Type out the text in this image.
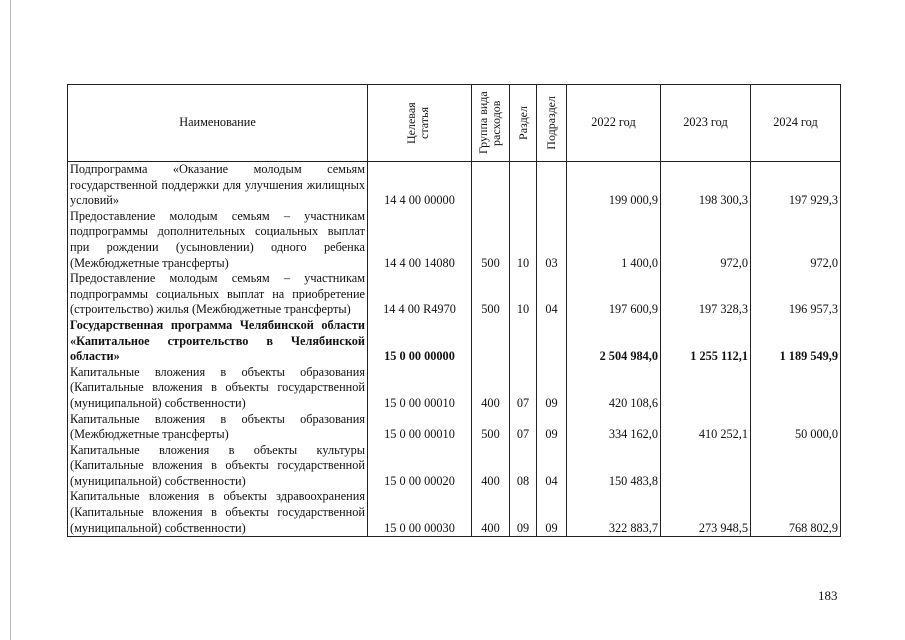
Наименование	Целевая статья	Группа вида расходов	Раздел	Подраздел	2022 год	2023 год	2024 год
Подпрограмма «Оказание молодым семьям государственной поддержки для улучшения жилищных условий»	14 4 00 00000				199 000,9	198 300,3	197 929,3
Предоставление молодым семьям – участникам подпрограммы дополнительных социальных выплат при рождении (усыновлении) одного ребенка (Межбюджетные трансферты)	14 4 00 14080	500	10	03	1 400,0	972,0	972,0
Предоставление молодым семьям – участникам подпрограммы социальных выплат на приобретение (строительство) жилья (Межбюджетные трансферты)	14 4 00 R4970	500	10	04	197 600,9	197 328,3	196 957,3
Государственная программа Челябинской области «Капитальное строительство в Челябинской области»	15 0 00 00000				2 504 984,0	1 255 112,1	1 189 549,9
Капитальные вложения в объекты образования (Капитальные вложения в объекты государственной (муниципальной) собственности)	15 0 00 00010	400	07	09	420 108,6		
Капитальные вложения в объекты образования (Межбюджетные трансферты)	15 0 00 00010	500	07	09	334 162,0	410 252,1	50 000,0
Капитальные вложения в объекты культуры (Капитальные вложения в объекты государственной (муниципальной) собственности)	15 0 00 00020	400	08	04	150 483,8		
Капитальные вложения в объекты здравоохранения (Капитальные вложения в объекты государственной (муниципальной) собственности)	15 0 00 00030	400	09	09	322 883,7	273 948,5	768 802,9
183
